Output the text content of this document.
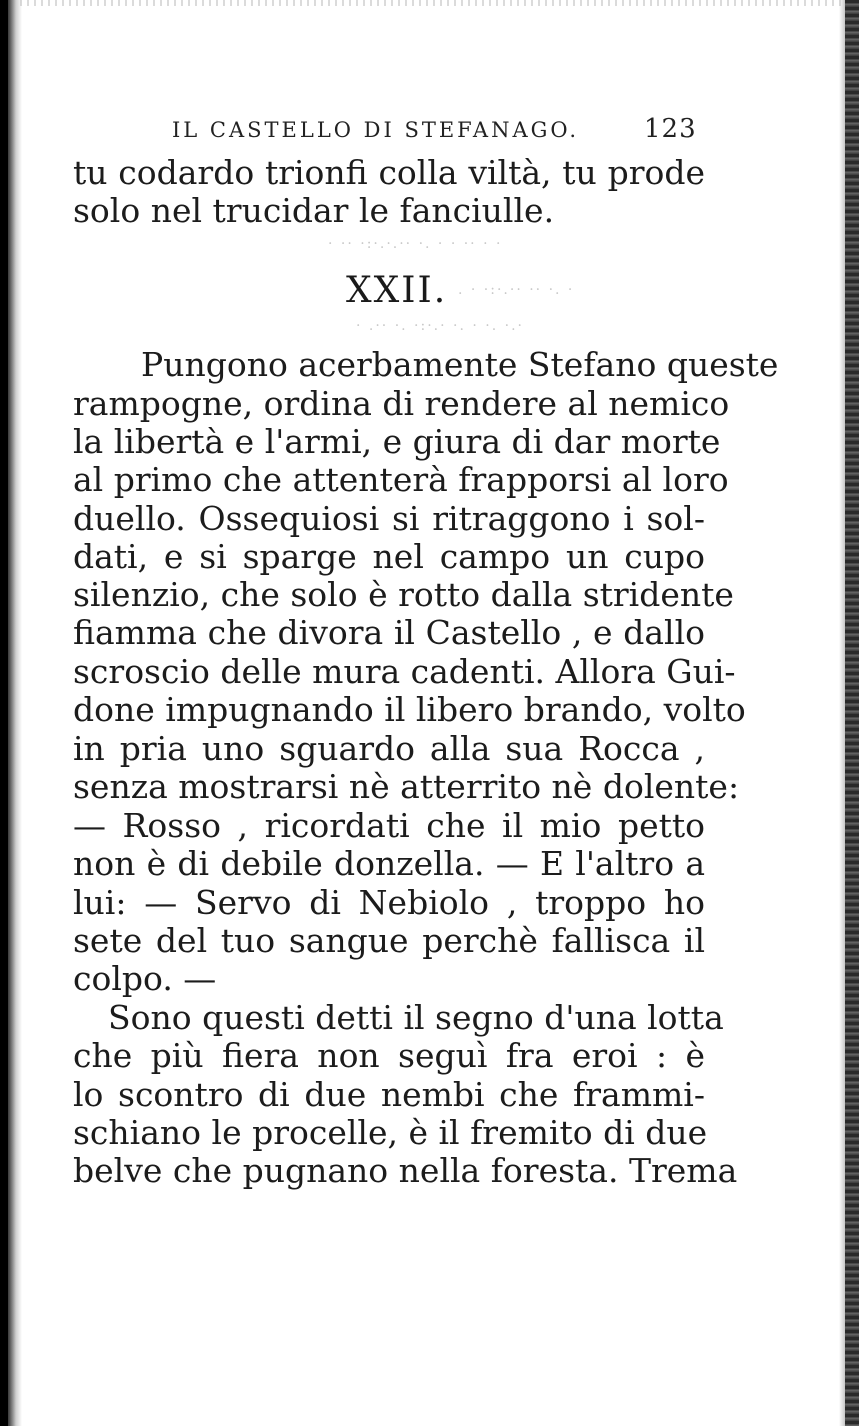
· ·· ·:·.·.·· ·. · · ·· · ·
. · ·:·.·· ·· ·. ·
· .·· ·. ·:·.· ·. · ·. ·.·
IL CASTELLO DI STEFANAGO. 123
tu codardo trionfi colla viltà, tu prode
solo nel trucidar le fanciulle.
XXII.
Pungono acerbamente Stefano queste
rampogne, ordina di rendere al nemico
la libertà e l'armi, e giura di dar morte
al primo che attenterà frapporsi al loro
duello. Ossequiosi si ritraggono i sol-
dati, e si sparge nel campo un cupo
silenzio, che solo è rotto dalla stridente
fiamma che divora il Castello , e dallo
scroscio delle mura cadenti. Allora Gui-
done impugnando il libero brando, volto
in pria uno sguardo alla sua Rocca ,
senza mostrarsi nè atterrito nè dolente:
— Rosso , ricordati che il mio petto
non è di debile donzella. — E l'altro a
lui: — Servo di Nebiolo , troppo ho
sete del tuo sangue perchè fallisca il
colpo. —
Sono questi detti il segno d'una lotta
che più fiera non seguì fra eroi : è
lo scontro di due nembi che frammi-
schiano le procelle, è il fremito di due
belve che pugnano nella foresta. Trema
